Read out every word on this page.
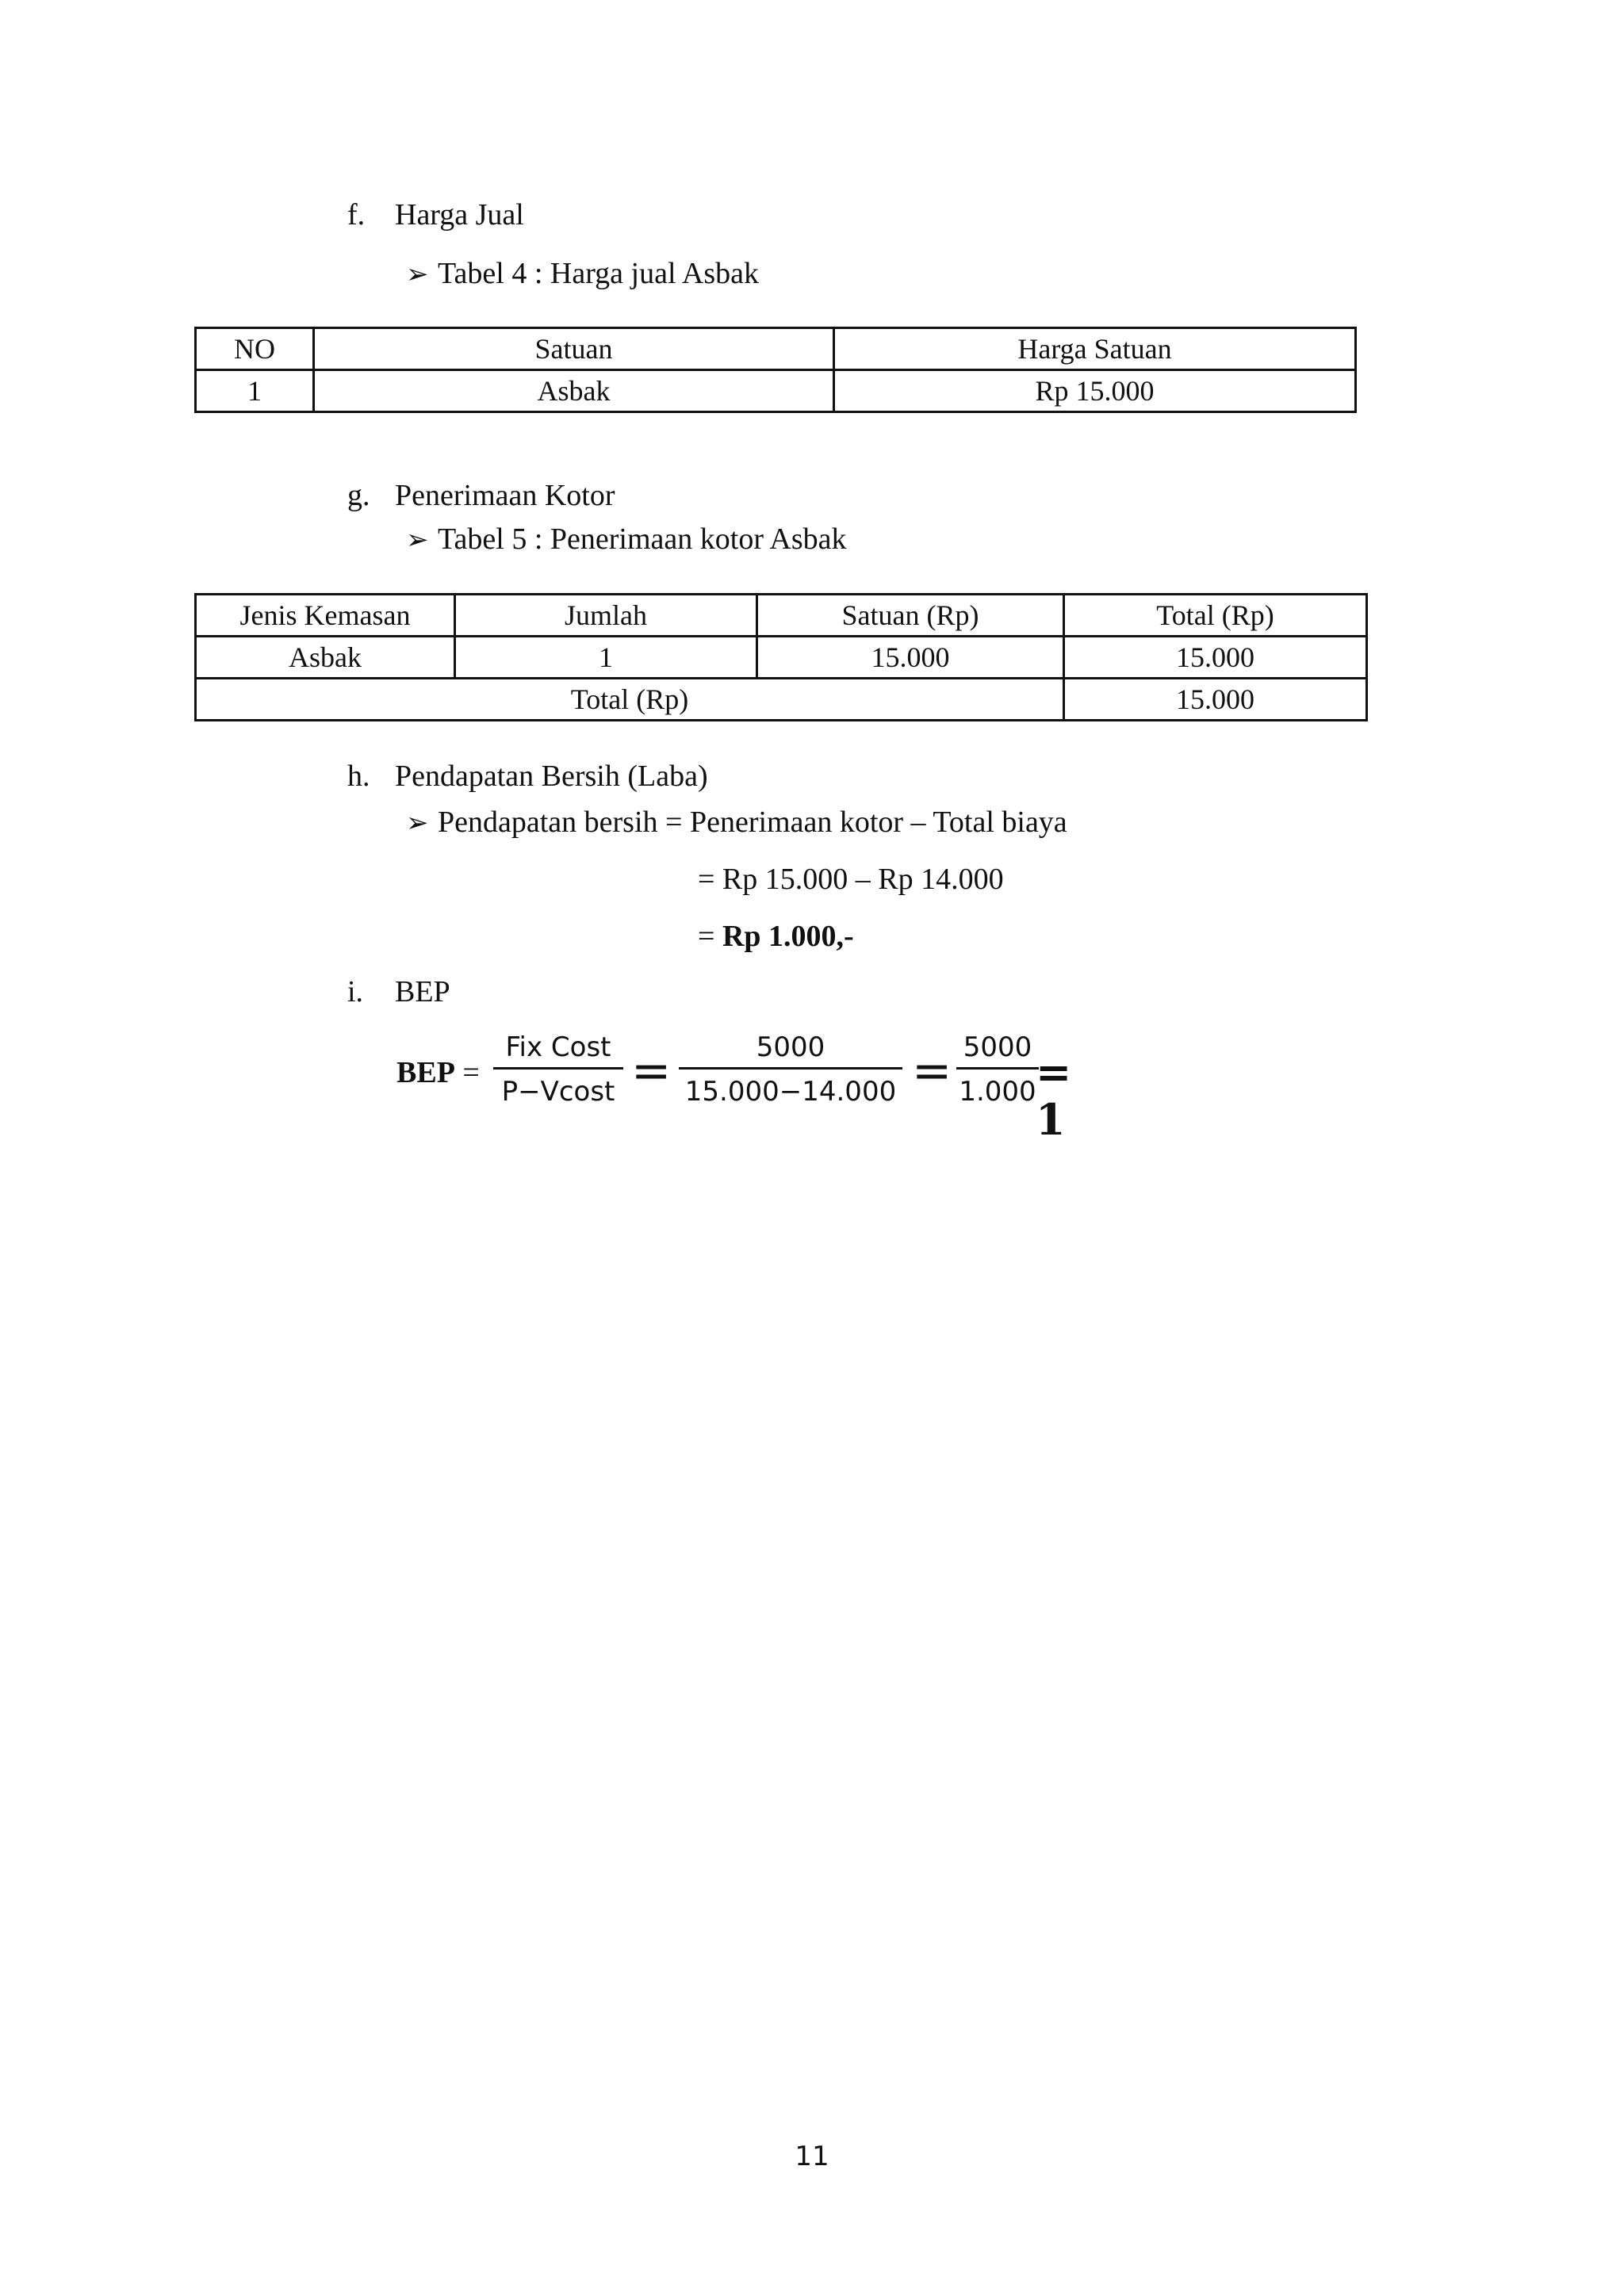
f. Harga Jual
➢ Tabel 4 : Harga jual Asbak
NO	Satuan	Harga Satuan
1	Asbak	Rp 15.000
g. Penerimaan Kotor
➢ Tabel 5 : Penerimaan kotor Asbak
Jenis Kemasan	Jumlah	Satuan (Rp)	Total (Rp)
Asbak	1	15.000	15.000
Total (Rp)			15.000
h. Pendapatan Bersih (Laba)
➢ Pendapatan bersih = Penerimaan kotor – Total biaya
= Rp 15.000 – Rp 14.000
= Rp 1.000,-
i. BEP
BEP =
Fix Cost
P−Vcost =	5000
15.000−14.000 = 5000
1.000 = 1
11
